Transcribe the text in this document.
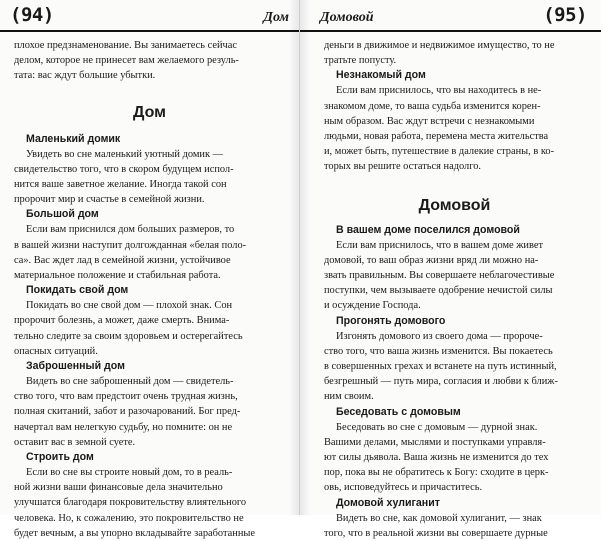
(94)	Дом
плохое предзнаменование. Вы занимаетесь сейчас
делом, которое не принесет вам желаемого резуль-
тата: вас ждут большие убытки.
Дом
Маленький домик
Увидеть во сне маленький уютный домик —
свидетельство того, что в скором будущем испол-
нится ваше заветное желание. Иногда такой сон
пророчит мир и счастье в семейной жизни.
Большой дом
Если вам приснился дом больших размеров, то
в вашей жизни наступит долгожданная «белая поло-
са». Вас ждет лад в семейной жизни, устойчивое
материальное положение и стабильная работа.
Покидать свой дом
Покидать во сне свой дом — плохой знак. Сон
пророчит болезнь, а может, даже смерть. Внима-
тельно следите за своим здоровьем и остерегайтесь
опасных ситуаций.
Заброшенный дом
Видеть во сне заброшенный дом — свидетель-
ство того, что вам предстоит очень трудная жизнь,
полная скитаний, забот и разочарований. Бог пред-
начертал вам нелегкую судьбу, но помните: он не
оставит вас в земной суете.
Строить дом
Если во сне вы строите новый дом, то в реаль-
ной жизни ваши финансовые дела значительно
улучшатся благодаря покровительству влиятельного
человека. Но, к сожалению, это покровительство не
будет вечным, а вы упорно вкладывайте заработанные
Домовой	(95)
деньги в движимое и недвижимое имущество, то не
тратьте попусту.
Незнакомый дом
Если вам приснилось, что вы находитесь в не-
знакомом доме, то ваша судьба изменится корен-
ным образом. Вас ждут встречи с незнакомыми
людьми, новая работа, перемена места жительства
и, может быть, путешествие в далекие страны, в ко-
торых вы решите остаться надолго.
Домовой
В вашем доме поселился домовой
Если вам приснилось, что в вашем доме живет
домовой, то ваш образ жизни вряд ли можно на-
звать правильным. Вы совершаете неблагочестивые
поступки, чем вызываете одобрение нечистой силы
и осуждение Господа.
Прогонять домового
Изгонять домового из своего дома — пророче-
ство того, что ваша жизнь изменится. Вы покаетесь
в совершенных грехах и встанете на путь истинный,
безгрешный — путь мира, согласия и любви к ближ-
ним своим.
Беседовать с домовым
Беседовать во сне с домовым — дурной знак.
Вашими делами, мыслями и поступками управля-
ют силы дьявола. Ваша жизнь не изменится до тех
пор, пока вы не обратитесь к Богу: сходите в церк-
овь, исповедуйтесь и причаститесь.
Домовой хулиганит
Видеть во сне, как домовой хулиганит, — знак
того, что в реальной жизни вы совершаете дурные
